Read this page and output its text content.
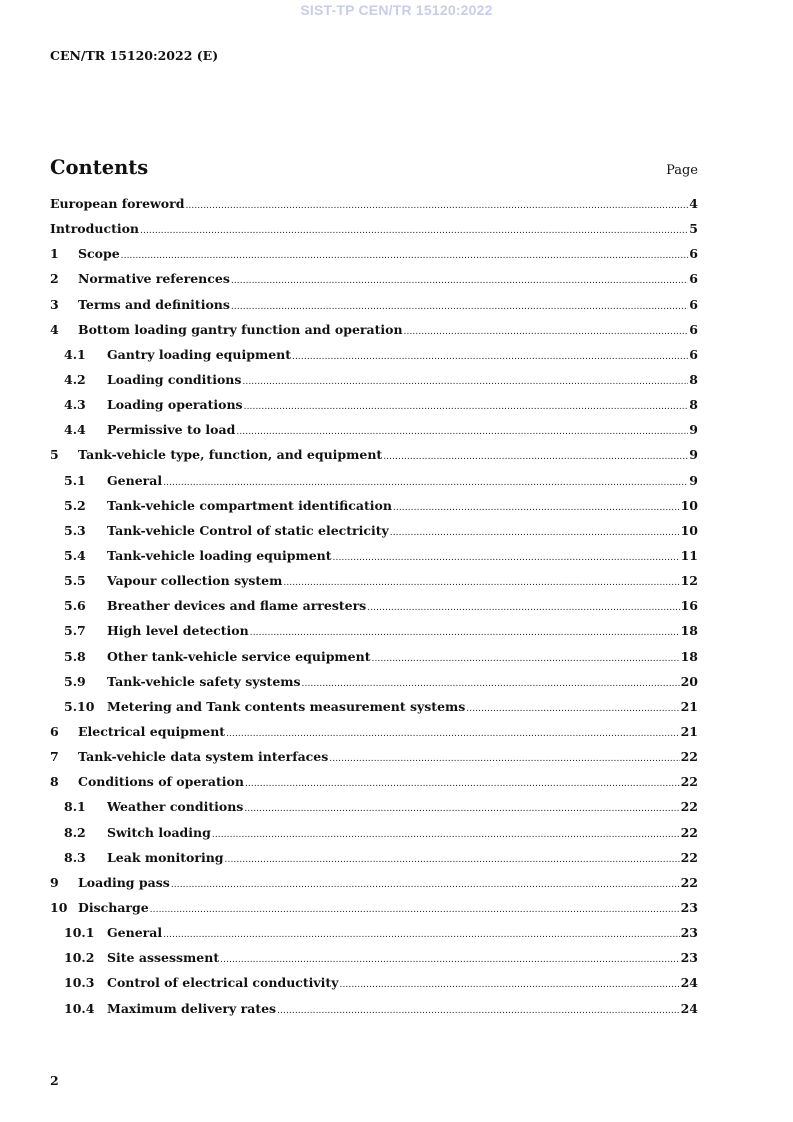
SIST-TP CEN/TR 15120:2022
CEN/TR 15120:2022 (E)
Contents	Page
European foreword .....	4
Introduction .....	5
1	Scope .....	6
2	Normative references .....	6
3	Terms and definitions .....	6
4	Bottom loading gantry function and operation .....	6
4.1	Gantry loading equipment .....	6
4.2	Loading conditions .....	8
4.3	Loading operations .....	8
4.4	Permissive to load .....	9
5	Tank-vehicle type, function, and equipment .....	9
5.1	General .....	9
5.2	Tank-vehicle compartment identification .....	10
5.3	Tank-vehicle Control of static electricity .....	10
5.4	Tank-vehicle loading equipment .....	11
5.5	Vapour collection system .....	12
5.6	Breather devices and flame arresters .....	16
5.7	High level detection .....	18
5.8	Other tank-vehicle service equipment .....	18
5.9	Tank-vehicle safety systems .....	20
5.10	Metering and Tank contents measurement systems .....	21
6	Electrical equipment .....	21
7	Tank-vehicle data system interfaces .....	22
8	Conditions of operation .....	22
8.1	Weather conditions .....	22
8.2	Switch loading .....	22
8.3	Leak monitoring .....	22
9	Loading pass .....	22
10 Discharge .....	23
10.1	General .....	23
10.2	Site assessment .....	23
10.3	Control of electrical conductivity .....	24
10.4	Maximum delivery rates .....	24
2
